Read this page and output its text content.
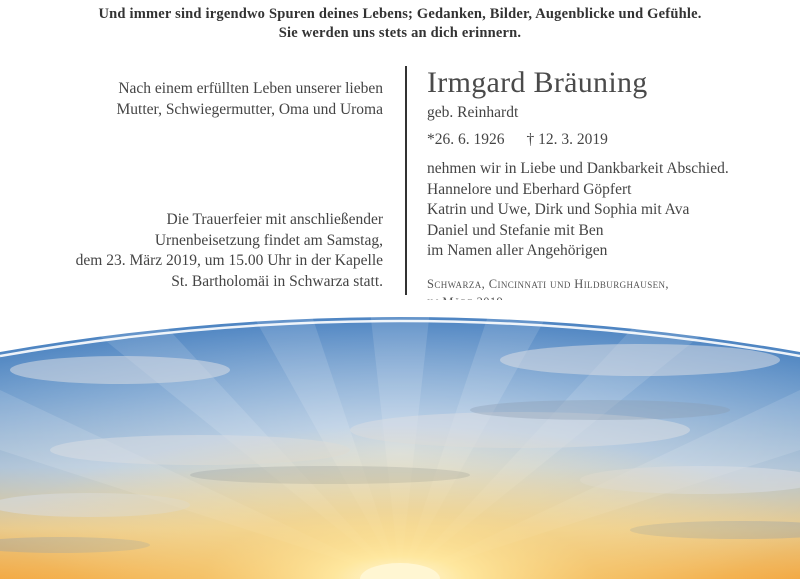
Und immer sind irgendwo Spuren deines Lebens; Gedanken, Bilder, Augenblicke und Gefühle.
Sie werden uns stets an dich erinnern.
Nach einem erfüllten Leben unserer lieben
Mutter, Schwiegermutter, Oma und Uroma
Die Trauerfeier mit anschließender
Urnenbeisetzung findet am Samstag,
dem 23. März 2019, um 15.00 Uhr in der Kapelle
St. Bartholomäi in Schwarza statt.
Irmgard Bräuning
geb. Reinhardt
*26. 6. 1926 † 12. 3. 2019
nehmen wir in Liebe und Dankbarkeit Abschied.
Hannelore und Eberhard Göpfert
Katrin und Uwe, Dirk und Sophia mit Ava
Daniel und Stefanie mit Ben
im Namen aller Angehörigen
Schwarza, Cincinnati und Hildburghausen,
